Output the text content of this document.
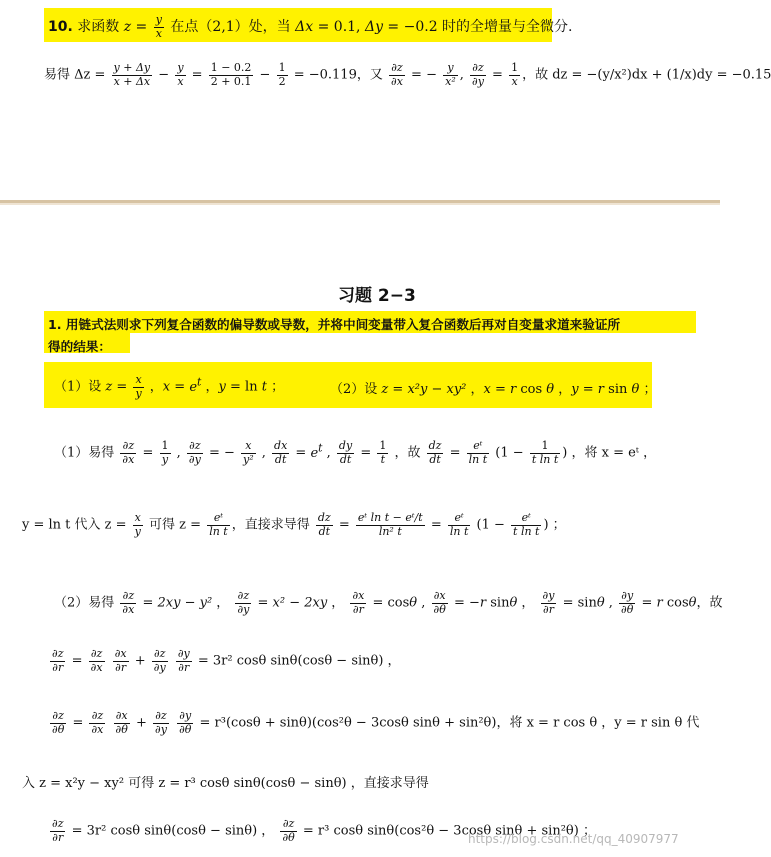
10. 求函数 $z = \frac{y}{x}$ 在点（2,1）处，当 Δx = 0.1, Δy = −0.2 时的全增量与全微分.
易得 $\Delta z = \frac{y + \Delta y}{x + \Delta x} - \frac{y}{x} = \frac{1 - 0.2}{2 + 0.1} - \frac{1}{2} = -0.119$，又 $\frac{\partial z}{\partial x}$ = − $\frac{y}{\text{x²}}$ , $\frac{\partial z}{\partial y} = \frac{1}{x}$ ，故 dz = −(y/x²)dx + (1/x)dy = −0.15
习题 2−3
1. 用链式法则求下列复合函数的偏导数或导数，并将中间变量带入复合函数后再对自变量求道来验证所
得的结果：
（1）设 $z = \frac{x}{y}$ ，$x = e^t$ ，y = ln t ；	（2）设 z = x²y − xy² ，x = r cos θ ，y = r sin θ ；
（1）易得 $\frac{\partial z}{\partial x} = \frac{1}{y}$ , $\frac{\partial z}{\partial y}$ = − $\frac{x}{\text{y²}}$ , $\frac{dx}{dt} = e^t$ , $\frac{dy}{dt} = \frac{1}{t}$ ，故 $\frac{dz}{dt} = \frac{\text{eᵗ}}{\text{ln t}} (1 - \frac{1}{\text{t ln t}}$ ) ，将 x = eᵗ ，
y = ln t 代入 $z = \frac{x}{y}$ 可得 $z = \frac{\text{eᵗ}}{\text{ln t}}$ ，直接求导得 $\frac{dz}{dt} = \frac{\text{eᵗ ln t − eᵗ/t}}{\text{ln² t}} = \frac{\text{eᵗ}}{\text{ln t}} (1 - \frac{\text{eᵗ}}{\text{t ln t}}$ ) ；
（2）易得 $\frac{\partial z}{\partial x} = 2xy - y^2$ ， $\frac{\partial z}{\partial y} = x^2 - 2xy$ ， $\frac{\partial x}{\partial r} = \cos\theta$ , $\frac{\partial x}{\partial\theta} = -r$ sinθ ， $\frac{\partial y}{\partial r} = \sin\theta$ , $\frac{\partial y}{\partial\theta} = r$ cosθ，故
$\frac{\partial z}{\partial r} = \frac{\partial z}{\partial x}$
$\frac{\partial x}{\partial r} + \frac{\partial z}{\partial y}$
$\frac{\partial y}{\partial r} = 3r^2$ cosθ sinθ(cosθ − sinθ) ，
$\frac{\partial z}{\partial\theta} = \frac{\partial z}{\partial x}$
$\frac{\partial x}{\partial\theta} + \frac{\partial z}{\partial y}$
$\frac{\partial y}{\partial\theta} = r^3(\cos\theta + \sin\theta)(\cos^2\theta - 3\cos\theta$ sinθ + sin²θ)，将 x = r cos θ ，y = r sin θ 代
入 z = x²y − xy² 可得 z = r³ cosθ sinθ(cosθ − sinθ) ，直接求导得
$\frac{\partial z}{\partial r} = 3r^2$ cosθ sinθ(cosθ − sinθ) ， $\frac{\partial z}{\partial\theta} = r^3$ cosθ sinθ(cos²θ − 3cosθ sinθ + sin²θ) ；
https://blog.csdn.net/qq_40907977
